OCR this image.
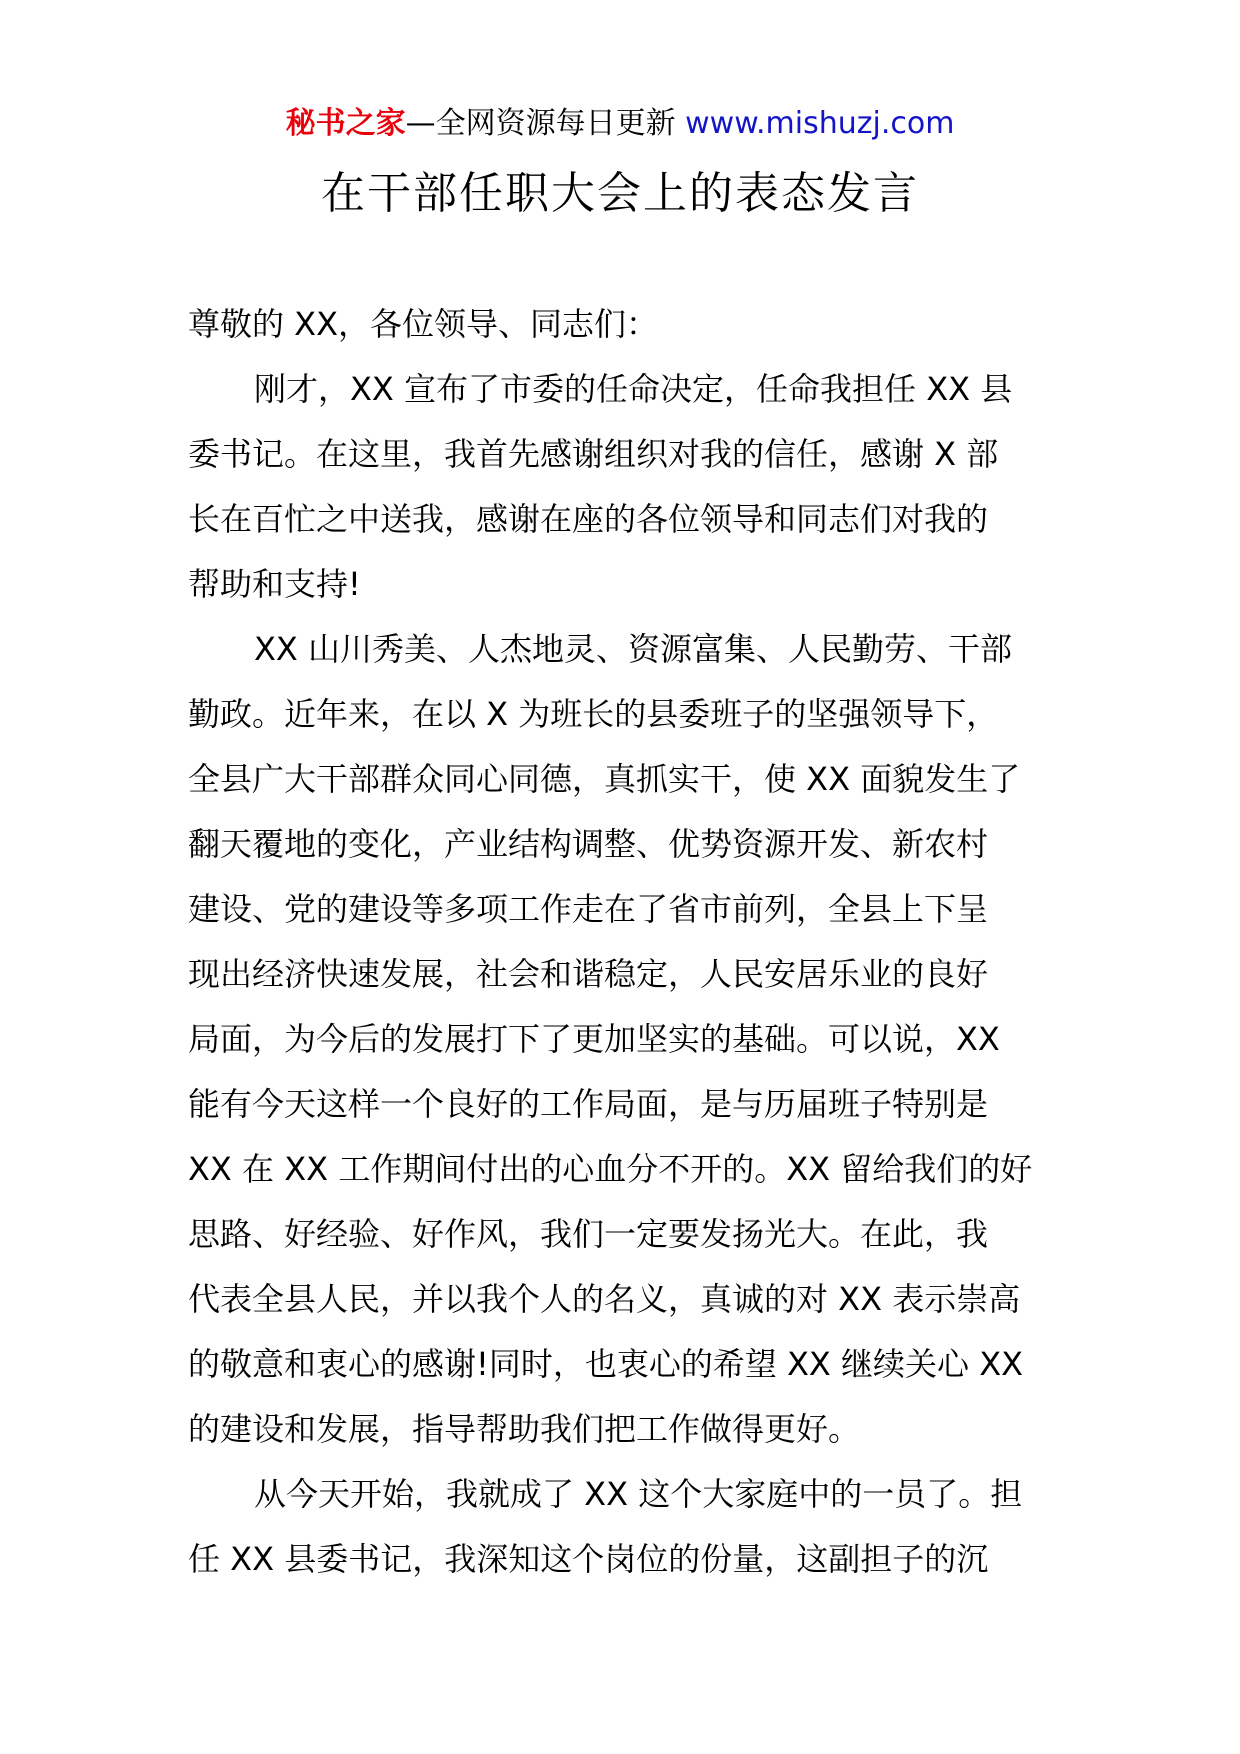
秘书之家—全网资源每日更新 www.mishuzj.com
在干部任职大会上的表态发言
尊敬的 XX，各位领导、同志们：
刚才，XX 宣布了市委的任命决定，任命我担任 XX 县
委书记。在这里，我首先感谢组织对我的信任，感谢 X 部
长在百忙之中送我，感谢在座的各位领导和同志们对我的
帮助和支持!
XX 山川秀美、人杰地灵、资源富集、人民勤劳、干部
勤政。近年来，在以 X 为班长的县委班子的坚强领导下，
全县广大干部群众同心同德，真抓实干，使 XX 面貌发生了
翻天覆地的变化，产业结构调整、优势资源开发、新农村
建设、党的建设等多项工作走在了省市前列，全县上下呈
现出经济快速发展，社会和谐稳定，人民安居乐业的良好
局面，为今后的发展打下了更加坚实的基础。可以说，XX
能有今天这样一个良好的工作局面，是与历届班子特别是
XX 在 XX 工作期间付出的心血分不开的。XX 留给我们的好
思路、好经验、好作风，我们一定要发扬光大。在此，我
代表全县人民，并以我个人的名义，真诚的对 XX 表示崇高
的敬意和衷心的感谢!同时，也衷心的希望 XX 继续关心 XX
的建设和发展，指导帮助我们把工作做得更好。
从今天开始，我就成了 XX 这个大家庭中的一员了。担
任 XX 县委书记，我深知这个岗位的份量，这副担子的沉
